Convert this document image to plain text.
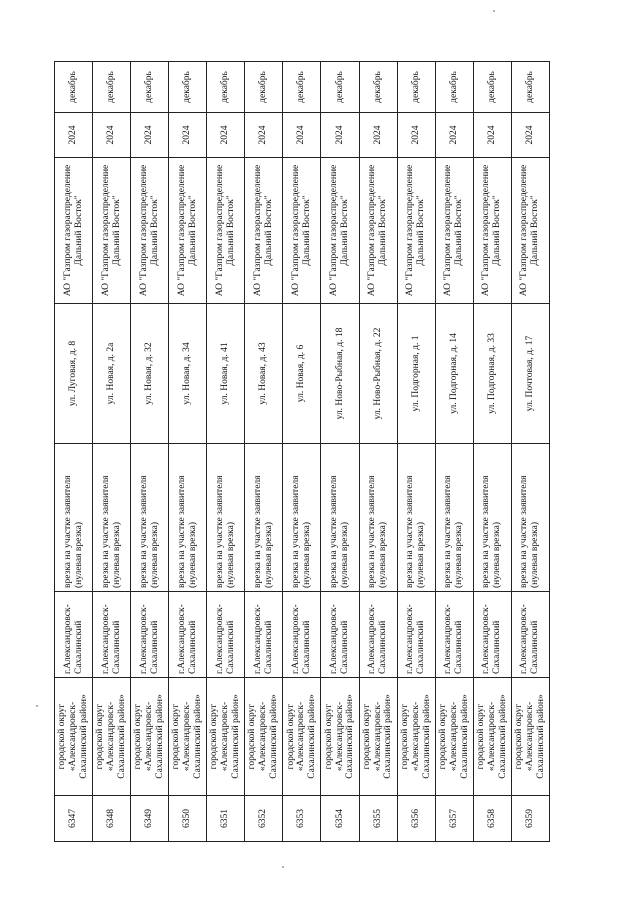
6347	городской округ «Александровск-Сахалинский район»	г.Александровск-Сахалинский	врезка на участке заявителя (нулевая врезка)	ул. Луговая, д. 8	АО "Газпром газораспределение Дальний Восток"	2024	декабрь
6348	городской округ «Александровск-Сахалинский район»	г.Александровск-Сахалинский	врезка на участке заявителя (нулевая врезка)	ул. Новая, д. 2а	АО "Газпром газораспределение Дальний Восток"	2024	декабрь
6349	городской округ «Александровск-Сахалинский район»	г.Александровск-Сахалинский	врезка на участке заявителя (нулевая врезка)	ул. Новая, д. 32	АО "Газпром газораспределение Дальний Восток"	2024	декабрь
6350	городской округ «Александровск-Сахалинский район»	г.Александровск-Сахалинский	врезка на участке заявителя (нулевая врезка)	ул. Новая, д. 34	АО "Газпром газораспределение Дальний Восток"	2024	декабрь
6351	городской округ «Александровск-Сахалинский район»	г.Александровск-Сахалинский	врезка на участке заявителя (нулевая врезка)	ул. Новая, д. 41	АО "Газпром газораспределение Дальний Восток"	2024	декабрь
6352	городской округ «Александровск-Сахалинский район»	г.Александровск-Сахалинский	врезка на участке заявителя (нулевая врезка)	ул. Новая, д. 43	АО "Газпром газораспределение Дальний Восток"	2024	декабрь
6353	городской округ «Александровск-Сахалинский район»	г.Александровск-Сахалинский	врезка на участке заявителя (нулевая врезка)	ул. Новая, д. 6	АО "Газпром газораспределение Дальний Восток"	2024	декабрь
6354	городской округ «Александровск-Сахалинский район»	г.Александровск-Сахалинский	врезка на участке заявителя (нулевая врезка)	ул. Ново-Рыбная, д. 18	АО "Газпром газораспределение Дальний Восток"	2024	декабрь
6355	городской округ «Александровск-Сахалинский район»	г.Александровск-Сахалинский	врезка на участке заявителя (нулевая врезка)	ул. Ново-Рыбная, д. 22	АО "Газпром газораспределение Дальний Восток"	2024	декабрь
6356	городской округ «Александровск-Сахалинский район»	г.Александровск-Сахалинский	врезка на участке заявителя (нулевая врезка)	ул. Подгорная, д. 1	АО "Газпром газораспределение Дальний Восток"	2024	декабрь
6357	городской округ «Александровск-Сахалинский район»	г.Александровск-Сахалинский	врезка на участке заявителя (нулевая врезка)	ул. Подгорная, д. 14	АО "Газпром газораспределение Дальний Восток"	2024	декабрь
6358	городской округ «Александровск-Сахалинский район»	г.Александровск-Сахалинский	врезка на участке заявителя (нулевая врезка)	ул. Подгорная, д. 33	АО "Газпром газораспределение Дальний Восток"	2024	декабрь
6359	городской округ «Александровск-Сахалинский район»	г.Александровск-Сахалинский	врезка на участке заявителя (нулевая врезка)	ул. Почтовая, д. 17	АО "Газпром газораспределение Дальний Восток"	2024	декабрь
